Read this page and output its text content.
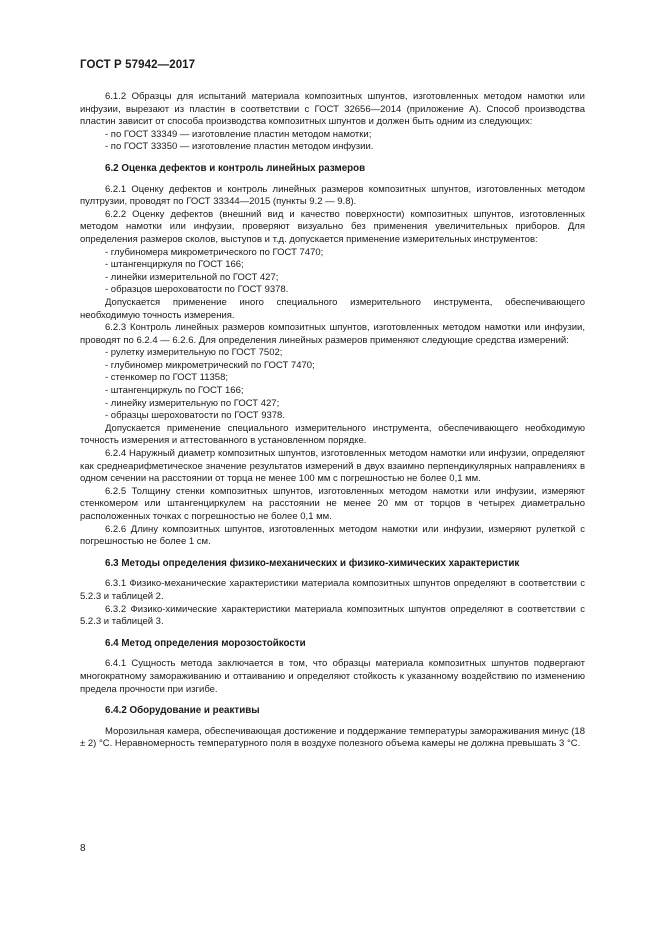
ГОСТ Р 57942—2017

6.1.2 Образцы для испытаний материала композитных шпунтов, изготовленных методом намотки или инфузии, вырезают из пластин в соответствии с ГОСТ 32656—2014 (приложение А). Способ производства пластин зависит от способа производства композитных шпунтов и должен быть одним из следующих:

- по ГОСТ 33349 — изготовление пластин методом намотки;

- по ГОСТ 33350 — изготовление пластин методом инфузии.

6.2 Оценка дефектов и контроль линейных размеров

6.2.1 Оценку дефектов и контроль линейных размеров композитных шпунтов, изготовленных методом пултрузии, проводят по ГОСТ 33344—2015 (пункты 9.2 — 9.8).

6.2.2 Оценку дефектов (внешний вид и качество поверхности) композитных шпунтов, изготовленных методом намотки или инфузии, проверяют визуально без применения увеличительных приборов. Для определения размеров сколов, выступов и т.д. допускается применение измерительных инструментов:

- глубиномера микрометрического по ГОСТ 7470;

- штангенциркуля по ГОСТ 166;

- линейки измерительной по ГОСТ 427;

- образцов шероховатости по ГОСТ 9378.

Допускается применение иного специального измерительного инструмента, обеспечивающего необходимую точность измерения.

6.2.3 Контроль линейных размеров композитных шпунтов, изготовленных методом намотки или инфузии, проводят по 6.2.4 — 6.2.6. Для определения линейных размеров применяют следующие средства измерений:

- рулетку измерительную по ГОСТ 7502;

- глубиномер микрометрический по ГОСТ 7470;

- стенкомер по ГОСТ 11358;

- штангенциркуль по ГОСТ 166;

- линейку измерительную по ГОСТ 427;

- образцы шероховатости по ГОСТ 9378.

Допускается применение специального измерительного инструмента, обеспечивающего необходимую точность измерения и аттестованного в установленном порядке.

6.2.4 Наружный диаметр композитных шпунтов, изготовленных методом намотки или инфузии, определяют как среднеарифметическое значение результатов измерений в двух взаимно перпендикулярных направлениях в одном сечении на расстоянии от торца не менее 100 мм с погрешностью не более 0,1 мм.

6.2.5 Толщину стенки композитных шпунтов, изготовленных методом намотки или инфузии, измеряют стенкомером или штангенциркулем на расстоянии не менее 20 мм от торцов в четырех диаметрально расположенных точках с погрешностью не более 0,1 мм.

6.2.6 Длину композитных шпунтов, изготовленных методом намотки или инфузии, измеряют рулеткой с погрешностью не более 1 см.

6.3 Методы определения физико-механических и физико-химических характеристик

6.3.1 Физико-механические характеристики материала композитных шпунтов определяют в соответствии с 5.2.3 и таблицей 2.

6.3.2 Физико-химические характеристики материала композитных шпунтов определяют в соответствии с 5.2.3 и таблицей 3.

6.4 Метод определения морозостойкости

6.4.1 Сущность метода заключается в том, что образцы материала композитных шпунтов подвергают многократному замораживанию и оттаиванию и определяют стойкость к указанному воздействию по изменению предела прочности при изгибе.

6.4.2 Оборудование и реактивы

Морозильная камера, обеспечивающая достижение и поддержание температуры замораживания минус (18 ± 2) °С. Неравномерность температурного поля в воздухе полезного объема камеры не должна превышать 3 °С.

8
